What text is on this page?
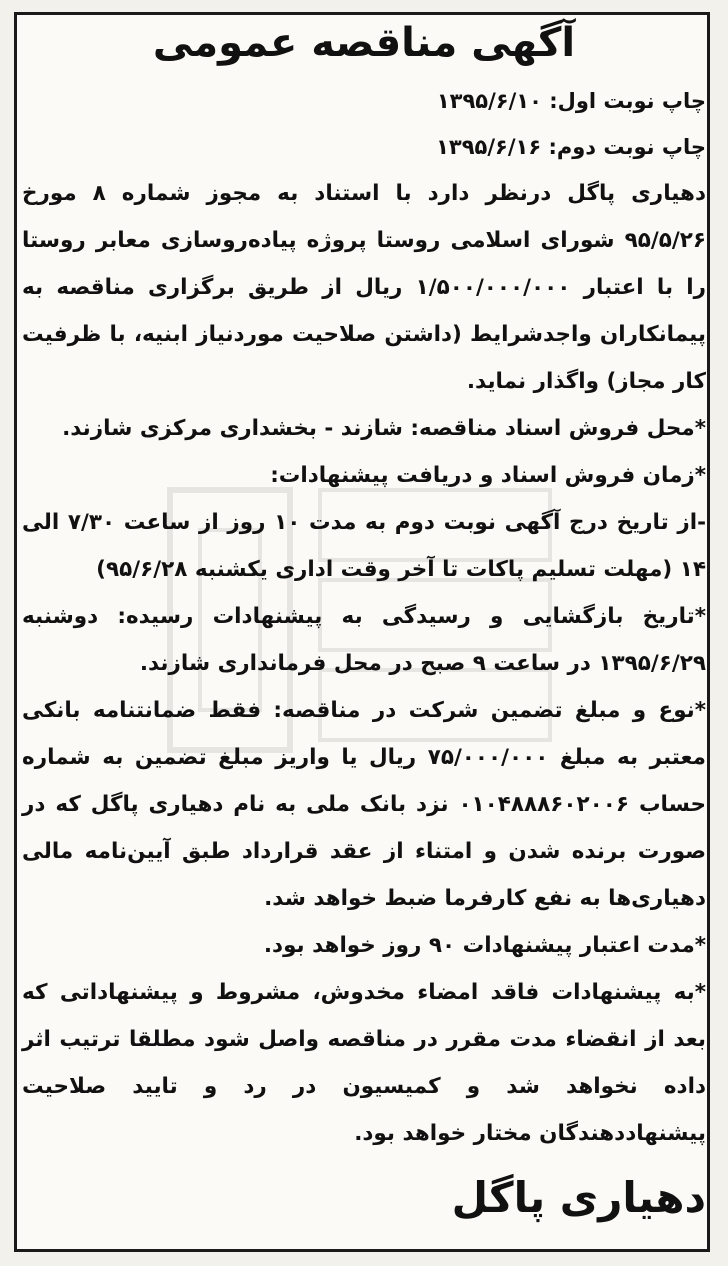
آگهی مناقصه عمومی

چاپ نوبت اول: ۱۳۹۵/۶/۱۰

چاپ نوبت دوم: ۱۳۹۵/۶/۱۶

دهیاری پاگل درنظر دارد با استناد به مجوز شماره ۸ مورخ ۹۵/۵/۲۶ شورای اسلامی روستا پروژه پیاده‌روسازی معابر روستا را با اعتبار ۱/۵۰۰/۰۰۰/۰۰۰ ریال از طریق برگزاری مناقصه به پیمانکاران واجدشرایط (داشتن صلاحیت موردنیاز ابنیه، با ظرفیت کار مجاز) واگذار نماید.

*محل فروش اسناد مناقصه: شازند - بخشداری مرکزی شازند.

*زمان فروش اسناد و دریافت پیشنهادات:

-از تاریخ درج آگهی نوبت دوم به مدت ۱۰ روز از ساعت ۷/۳۰ الی ۱۴ (مهلت تسلیم پاکات تا آخر وقت اداری یکشنبه ۹۵/۶/۲۸)

*تاریخ بازگشایی و رسیدگی به پیشنهادات رسیده: دوشنبه ۱۳۹۵/۶/۲۹ در ساعت ۹ صبح در محل فرمانداری شازند.

*نوع و مبلغ تضمین شرکت در مناقصه: فقط ضمانتنامه بانکی معتبر به مبلغ ۷۵/۰۰۰/۰۰۰ ریال یا واریز مبلغ تضمین به شماره حساب ۰۱۰۴۸۸۸۶۰۲۰۰۶ نزد بانک ملی به نام دهیاری پاگل که در صورت برنده شدن و امتناء از عقد قرارداد طبق آیین‌نامه مالی دهیاری‌ها به نفع کارفرما ضبط خواهد شد.

*مدت اعتبار پیشنهادات ۹۰ روز خواهد بود.

*به پیشنهادات فاقد امضاء مخدوش، مشروط و پیشنهاداتی که بعد از انقضاء مدت مقرر در مناقصه واصل شود مطلقا ترتیب اثر داده نخواهد شد و کمیسیون در رد و تایید صلاحیت پیشنهاددهندگان مختار خواهد بود.

دهیاری پاگل
